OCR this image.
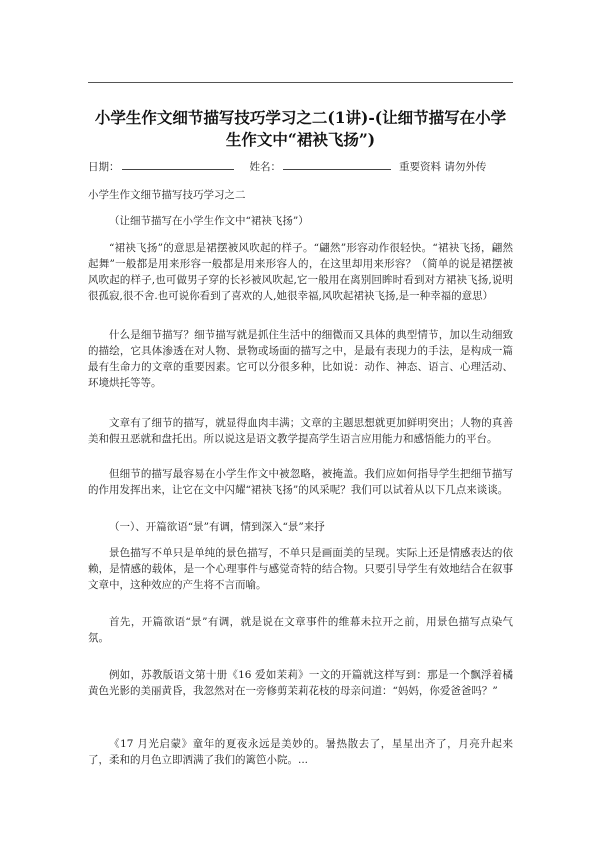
小学生作文细节描写技巧学习之二(1讲)-(让细节描写在小学生作文中“裙袂飞扬”)
日期：	姓名：	重要资料 请勿外传

小学生作文细节描写技巧学习之二

（让细节描写在小学生作文中“裙袂飞扬”）

“裙袂飞扬”的意思是裙摆被风吹起的样子。“翩然”形容动作很轻快。“裙袂飞扬，翩然起舞”一般都是用来形容一般都是用来形容人的，在这里却用来形容？（简单的说是裙摆被风吹起的样子,也可做男子穿的长衫被风吹起,它一般用在离别回眸时看到对方裙袂飞扬,说明很孤寂,很不舍.也可说你看到了喜欢的人,她很幸福,风吹起裙袂飞扬,是一种幸福的意思）

什么是细节描写？细节描写就是抓住生活中的细微而又具体的典型情节，加以生动细致的描绘，它具体渗透在对人物、景物或场面的描写之中，是最有表现力的手法，是构成一篇最有生命力的文章的重要因素。它可以分很多种，比如说：动作、神态、语言、心理活动、环境烘托等等。

文章有了细节的描写，就显得血肉丰满；文章的主题思想就更加鲜明突出；人物的真善美和假丑恶就和盘托出。所以说这是语文教学提高学生语言应用能力和感悟能力的平台。

但细节的描写最容易在小学生作文中被忽略，被掩盖。我们应如何指导学生把细节描写的作用发挥出来，让它在文中闪耀“裙袂飞扬”的风采呢？我们可以试着从以下几点来谈谈。

（一）、开篇欲语“景”有调，情到深入“景”来抒

景色描写不单只是单纯的景色描写，不单只是画面美的呈现。实际上还是情感表达的依赖，是情感的载体，是一个心理事件与感觉奇特的结合物。只要引导学生有效地结合在叙事文章中，这种效应的产生将不言而喻。

首先，开篇欲语“景”有调，就是说在文章事件的维幕未拉开之前，用景色描写点染气氛。

例如，苏教版语文第十册《16 爱如茉莉》一文的开篇就这样写到：那是一个飘浮着橘黄色光影的美丽黄昏，我忽然对在一旁修剪茉莉花枝的母亲问道：“妈妈，你爱爸爸吗？”

《17 月光启蒙》童年的夏夜永远是美妙的。暑热散去了，星星出齐了，月亮升起来了，柔和的月色立即洒满了我们的篱笆小院。...
